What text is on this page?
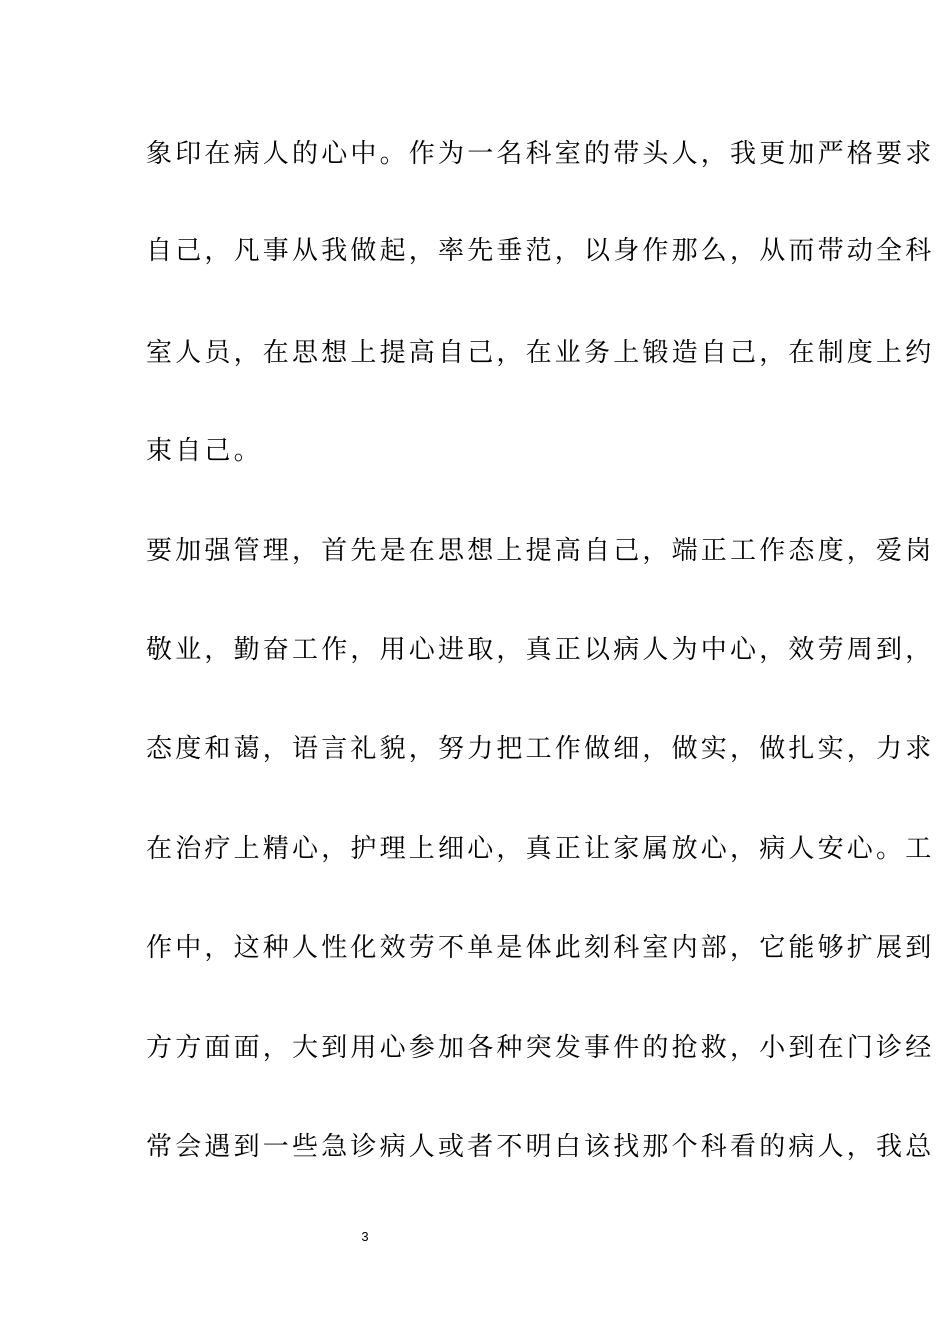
象印在病人的心中。作为一名科室的带头人，我更加严格要求
自己，凡事从我做起，率先垂范，以身作那么，从而带动全科
室人员，在思想上提高自己，在业务上锻造自己，在制度上约
束自己。
要加强管理，首先是在思想上提高自己，端正工作态度，爱岗
敬业，勤奋工作，用心进取，真正以病人为中心，效劳周到，
态度和蔼，语言礼貌，努力把工作做细，做实，做扎实，力求
在治疗上精心，护理上细心，真正让家属放心，病人安心。工
作中，这种人性化效劳不单是体此刻科室内部，它能够扩展到
方方面面，大到用心参加各种突发事件的抢救，小到在门诊经
常会遇到一些急诊病人或者不明白该找那个科看的病人，我总
3
